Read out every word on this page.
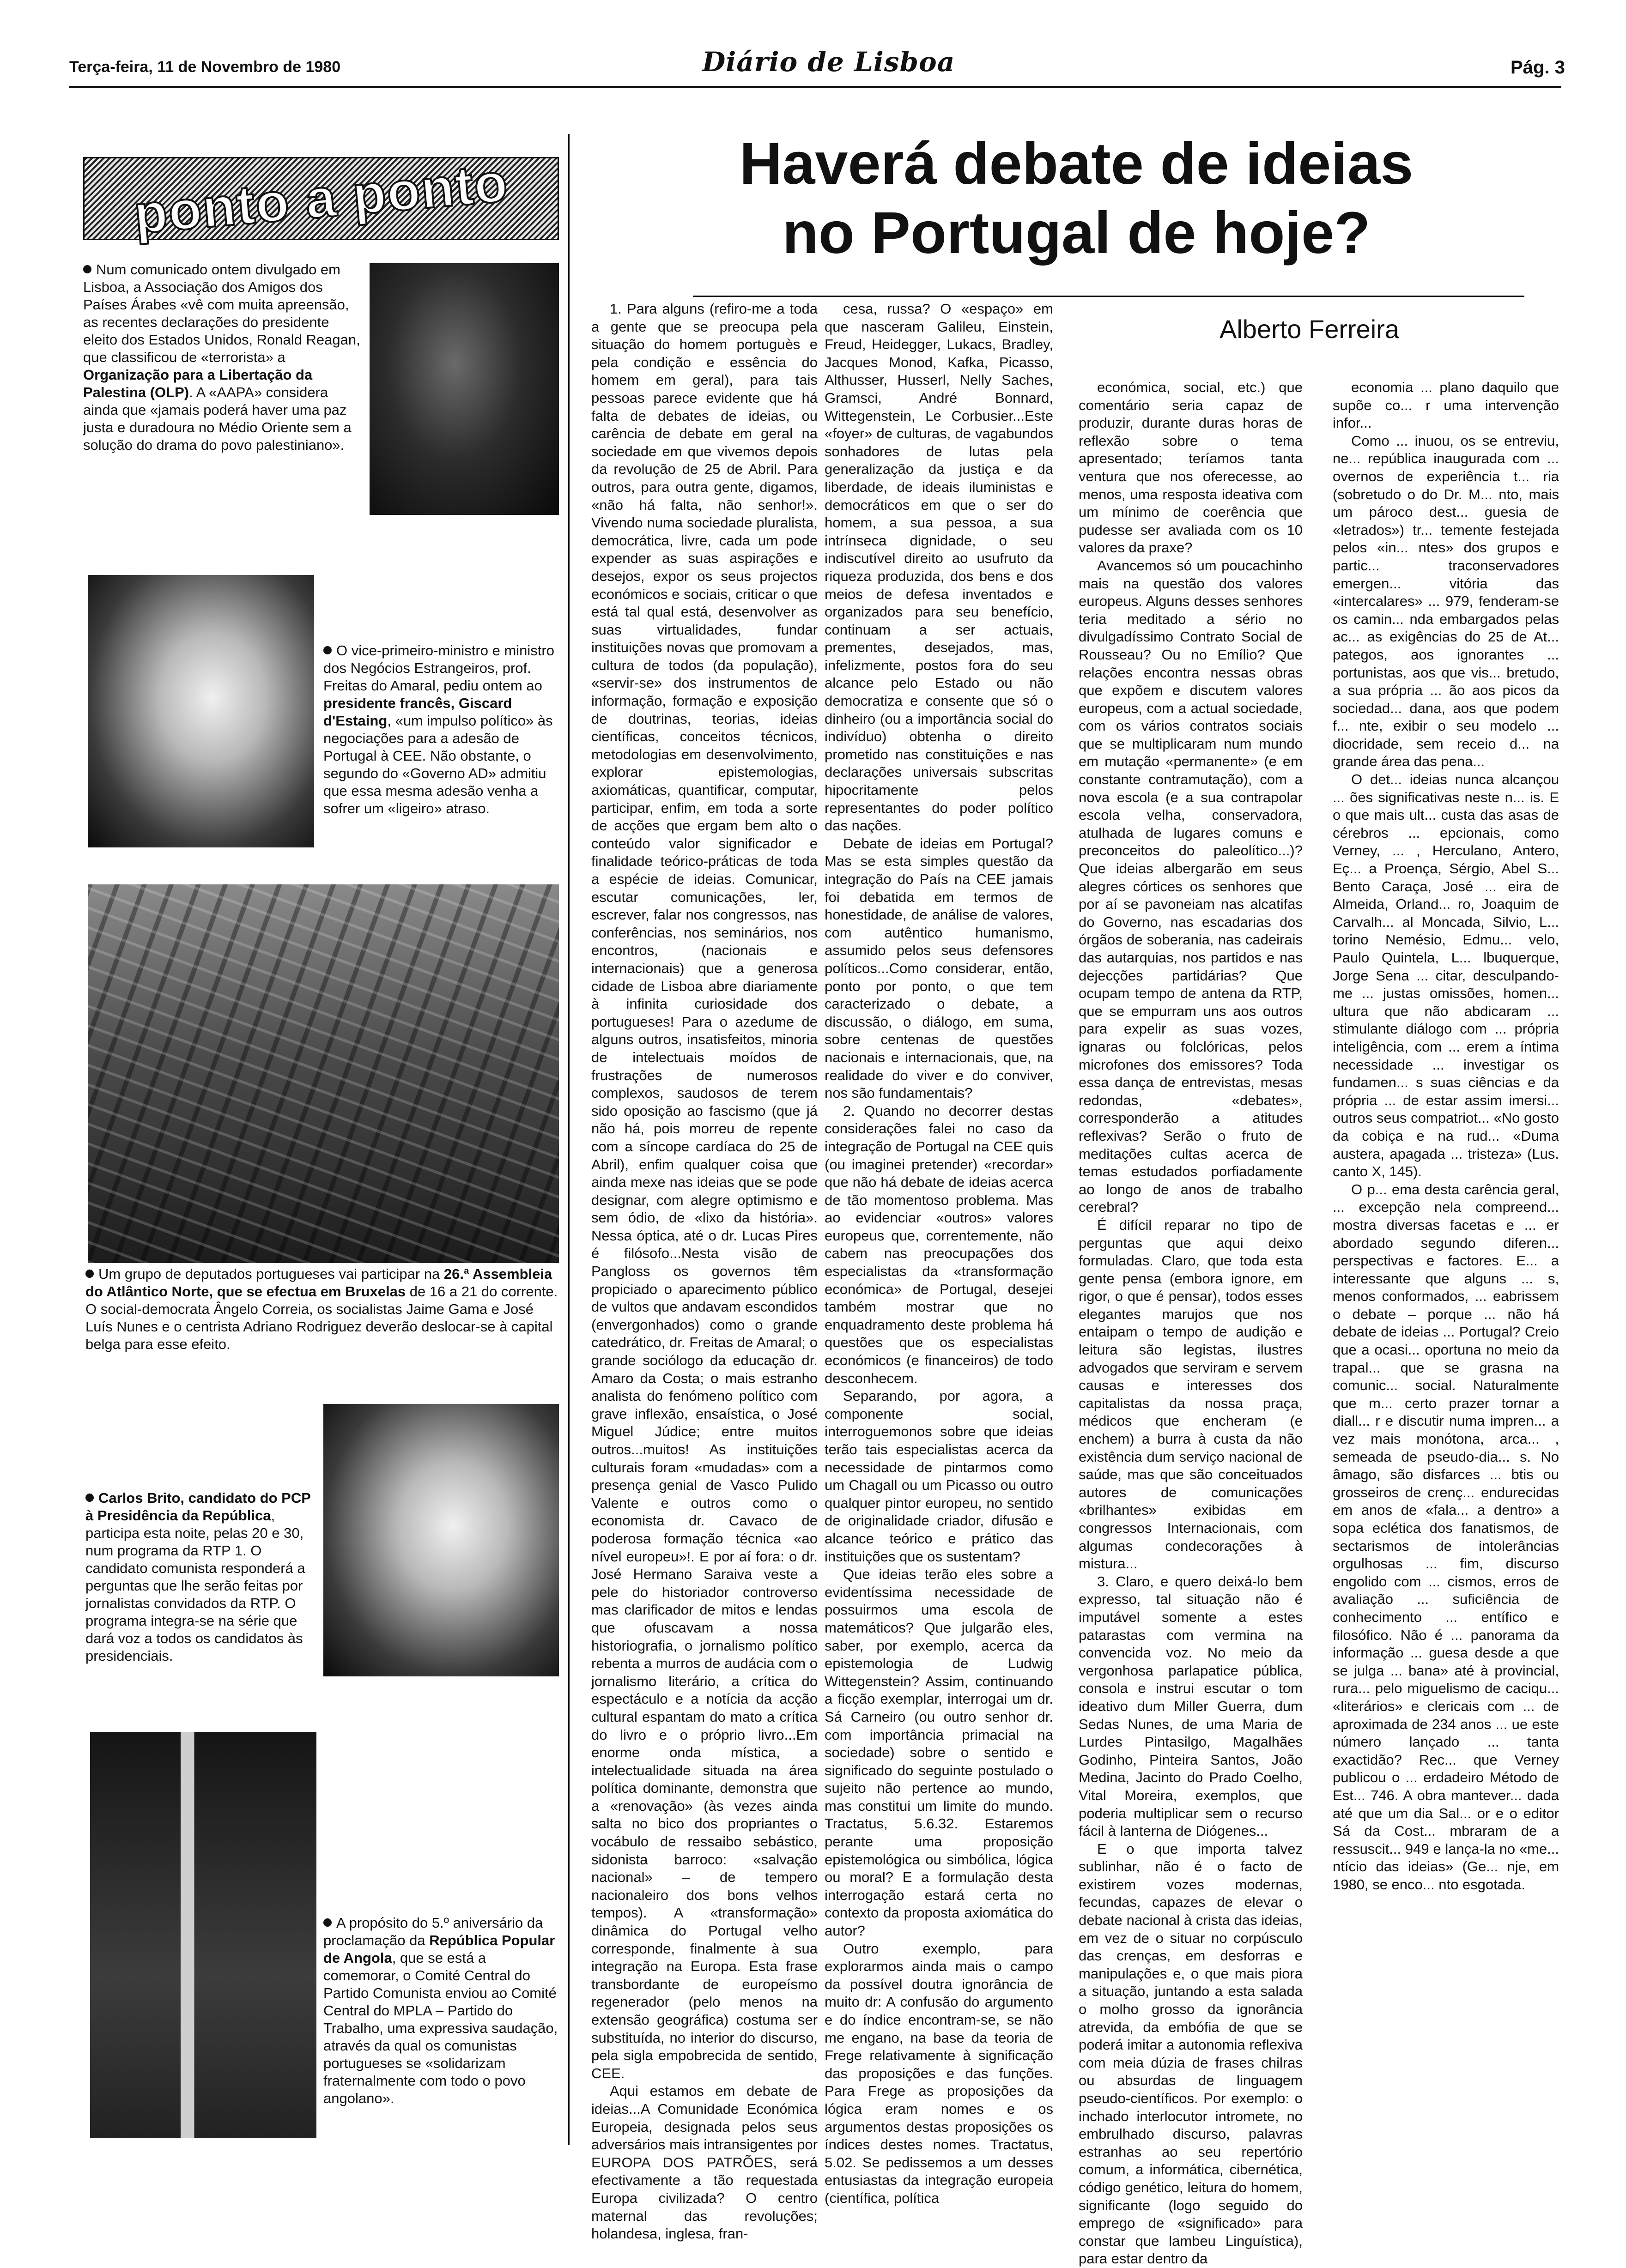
Terça-feira, 11 de Novembro de 1980	Diário de Lisboa	Pág. 3
ponto a ponto
Num comunicado ontem divulgado em Lisboa, a Associação dos Amigos dos Países Árabes «vê com muita apreensão, as recentes declarações do presidente eleito dos Estados Unidos, Ronald Reagan, que classificou de «terrorista» a Organização para a Libertação da Palestina (OLP). A «AAPA» considera ainda que «jamais poderá haver uma paz justa e duradoura no Médio Oriente sem a solução do drama do povo palestiniano».
O vice-primeiro-ministro e ministro dos Negócios Estrangeiros, prof. Freitas do Amaral, pediu ontem ao presidente francês, Giscard d'Estaing, «um impulso político» às negociações para a adesão de Portugal à CEE. Não obstante, o segundo do «Governo AD» admitiu que essa mesma adesão venha a sofrer um «ligeiro» atraso.
Um grupo de deputados portugueses vai participar na 26.ª Assembleia do Atlântico Norte, que se efectua em Bruxelas de 16 a 21 do corrente. O social-democrata Ângelo Correia, os socialistas Jaime Gama e José Luís Nunes e o centrista Adriano Rodriguez deverão deslocar-se à capital belga para esse efeito.
Carlos Brito, candidato do PCP à Presidência da República, participa esta noite, pelas 20 e 30, num programa da RTP 1. O candidato comunista responderá a perguntas que lhe serão feitas por jornalistas convidados da RTP. O programa integra-se na série que dará voz a todos os candidatos às presidenciais.
A propósito do 5.º aniversário da proclamação da República Popular de Angola, que se está a comemorar, o Comité Central do Partido Comunista enviou ao Comité Central do MPLA – Partido do Trabalho, uma expressiva saudação, através da qual os comunistas portugueses se «solidarizam fraternalmente com todo o povo angolano».
Haverá debate de ideias
no Portugal de hoje?
Alberto Ferreira

1. Para alguns (refiro-me a toda a gente que se preocupa pela situação do homem portuguès e pela condição e essência do homem em geral), para tais pessoas parece evidente que há falta de debates de ideias, ou carência de debate em geral na sociedade em que vivemos depois da revolução de 25 de Abril. Para outros, para outra gente, digamos, «não há falta, não senhor!». Vivendo numa sociedade pluralista, democrática, livre, cada um pode expender as suas aspirações e desejos, expor os seus projectos económicos e sociais, criticar o que está tal qual está, desenvolver as suas virtualidades, fundar instituições novas que promovam a cultura de todos (da população), «servir-se» dos instrumentos de informação, formação e exposição de doutrinas, teorias, ideias científicas, conceitos técnicos, metodologias em desenvolvimento, explorar epistemologias, axiomáticas, quantificar, computar, participar, enfim, em toda a sorte de acções que ergam bem alto o conteúdo valor significador e finalidade teórico-práticas de toda a espécie de ideias. Comunicar, escutar comunicações, ler, escrever, falar nos congressos, nas conferências, nos seminários, nos encontros, (nacionais e internacionais) que a generosa cidade de Lisboa abre diariamente à infinita curiosidade dos portugueses! Para o azedume de alguns outros, insatisfeitos, minoria de intelectuais moídos de frustrações de numerosos complexos, saudosos de terem sido oposição ao fascismo (que já não há, pois morreu de repente com a síncope cardíaca do 25 de Abril), enfim qualquer coisa que ainda mexe nas ideias que se pode designar, com alegre optimismo e sem ódio, de «lixo da história». Nessa óptica, até o dr. Lucas Pires é filósofo...Nesta visão de Pangloss os governos têm propiciado o aparecimento público de vultos que andavam escondidos (envergonhados) como o grande catedrático, dr. Freitas de Amaral; o grande sociólogo da educação dr. Amaro da Costa; o mais estranho analista do fenómeno político com grave inflexão, ensaística, o José Miguel Júdice; entre muitos outros...muitos! As instituições culturais foram «mudadas» com a presença genial de Vasco Pulido Valente e outros como o economista dr. Cavaco de poderosa formação técnica «ao nível europeu»!. E por aí fora: o dr. José Hermano Saraiva veste a pele do historiador controverso mas clarificador de mitos e lendas que ofuscavam a nossa historiografia, o jornalismo político rebenta a murros de audácia com o jornalismo literário, a crítica do espectáculo e a notícia da acção cultural espantam do mato a crítica do livro e o próprio livro...Em enorme onda mística, a intelectualidade situada na área política dominante, demonstra que a «renovação» (às vezes ainda salta no bico dos propriantes o vocábulo de ressaibo sebástico, sidonista barroco: «salvação nacional» – de tempero nacionaleiro dos bons velhos tempos). A «transformação» dinâmica do Portugal velho corresponde, finalmente à sua integração na Europa. Esta frase transbordante de europeísmo regenerador (pelo menos na extensão geográfica) costuma ser substituída, no interior do discurso, pela sigla empobrecida de sentido, CEE.

Aqui estamos em debate de ideias...A Comunidade Económica Europeia, designada pelos seus adversários mais intransigentes por EUROPA DOS PATRÕES, será efectivamente a tão requestada Europa civilizada? O centro maternal das revoluções; holandesa, inglesa, fran-

cesa, russa? O «espaço» em que nasceram Galileu, Einstein, Freud, Heidegger, Lukacs, Bradley, Jacques Monod, Kafka, Picasso, Althusser, Husserl, Nelly Saches, Gramsci, André Bonnard, Wittegenstein, Le Corbusier...Este «foyer» de culturas, de vagabundos sonhadores de lutas pela generalização da justiça e da liberdade, de ideais iluministas e democráticos em que o ser do homem, a sua pessoa, a sua intrínseca dignidade, o seu indiscutível direito ao usufruto da riqueza produzida, dos bens e dos meios de defesa inventados e organizados para seu benefício, continuam a ser actuais, prementes, desejados, mas, infelizmente, postos fora do seu alcance pelo Estado ou não democratiza e consente que só o dinheiro (ou a importância social do indivíduo) obtenha o direito prometido nas constituições e nas declarações universais subscritas hipocritamente pelos representantes do poder político das nações.

Debate de ideias em Portugal? Mas se esta simples questão da integração do País na CEE jamais foi debatida em termos de honestidade, de análise de valores, com autêntico humanismo, assumido pelos seus defensores políticos...Como considerar, então, ponto por ponto, o que tem caracterizado o debate, a discussão, o diálogo, em suma, sobre centenas de questões nacionais e internacionais, que, na realidade do viver e do conviver, nos são fundamentais?

2. Quando no decorrer destas considerações falei no caso da integração de Portugal na CEE quis (ou imaginei pretender) «recordar» que não há debate de ideias acerca de tão momentoso problema. Mas ao evidenciar «outros» valores europeus que, correntemente, não cabem nas preocupações dos especialistas da «transformação económica» de Portugal, desejei também mostrar que no enquadramento deste problema há questões que os especialistas económicos (e financeiros) de todo desconhecem.

Separando, por agora, a componente social, interroguemonos sobre que ideias terão tais especialistas acerca da necessidade de pintarmos como um Chagall ou um Picasso ou outro qualquer pintor europeu, no sentido de originalidade criador, difusão e alcance teórico e prático das instituições que os sustentam?

Que ideias terão eles sobre a evidentíssima necessidade de possuirmos uma escola de matemáticos? Que julgarão eles, saber, por exemplo, acerca da epistemologia de Ludwig Wittegenstein? Assim, continuando a ficção exemplar, interrogai um dr. Sá Carneiro (ou outro senhor dr. com importância primacial na sociedade) sobre o sentido e significado do seguinte postulado o sujeito não pertence ao mundo, mas constitui um limite do mundo. Tractatus, 5.6.32. Estaremos perante uma proposição epistemológica ou simbólica, lógica ou moral? E a formulação desta interrogação estará certa no contexto da proposta axiomática do autor?

Outro exemplo, para explorarmos ainda mais o campo da possível doutra ignorância de muito dr: A confusão do argumento e do índice encontram-se, se não me engano, na base da teoria de Frege relativamente à significação das proposições e das funções. Para Frege as proposições da lógica eram nomes e os argumentos destas proposições os índices destes nomes. Tractatus, 5.02. Se pedissemos a um desses entusiastas da integração europeia (científica, política

económica, social, etc.) que comentário seria capaz de produzir, durante duras horas de reflexão sobre o tema apresentado; teríamos tanta ventura que nos oferecesse, ao menos, uma resposta ideativa com um mínimo de coerência que pudesse ser avaliada com os 10 valores da praxe?

Avancemos só um poucachinho mais na questão dos valores europeus. Alguns desses senhores teria meditado a sério no divulgadíssimo Contrato Social de Rousseau? Ou no Emílio? Que relações encontra nessas obras que expõem e discutem valores europeus, com a actual sociedade, com os vários contratos sociais que se multiplicaram num mundo em mutação «permanente» (e em constante contramutação), com a nova escola (e a sua contrapolar escola velha, conservadora, atulhada de lugares comuns e preconceitos do paleolítico...)? Que ideias albergarão em seus alegres córtices os senhores que por aí se pavoneiam nas alcatifas do Governo, nas escadarias dos órgãos de soberania, nas cadeirais das autarquias, nos partidos e nas dejecções partidárias? Que ocupam tempo de antena da RTP, que se empurram uns aos outros para expelir as suas vozes, ignaras ou folclóricas, pelos microfones dos emissores? Toda essa dança de entrevistas, mesas redondas, «debates», corresponderão a atitudes reflexivas? Serão o fruto de meditações cultas acerca de temas estudados porfiadamente ao longo de anos de trabalho cerebral?

É difícil reparar no tipo de perguntas que aqui deixo formuladas. Claro, que toda esta gente pensa (embora ignore, em rigor, o que é pensar), todos esses elegantes marujos que nos entaipam o tempo de audição e leitura são legistas, ilustres advogados que serviram e servem causas e interesses dos capitalistas da nossa praça, médicos que encheram (e enchem) a burra à custa da não existência dum serviço nacional de saúde, mas que são conceituados autores de comunicações «brilhantes» exibidas em congressos Internacionais, com algumas condecorações à mistura...

3. Claro, e quero deixá-lo bem expresso, tal situação não é imputável somente a estes patarastas com vermina na convencida voz. No meio da vergonhosa parlapatice pública, consola e instrui escutar o tom ideativo dum Miller Guerra, dum Sedas Nunes, de uma Maria de Lurdes Pintasilgo, Magalhães Godinho, Pinteira Santos, João Medina, Jacinto do Prado Coelho, Vital Moreira, exemplos, que poderia multiplicar sem o recurso fácil à lanterna de Diógenes...

E o que importa talvez sublinhar, não é o facto de existirem vozes modernas, fecundas, capazes de elevar o debate nacional à crista das ideias, em vez de o situar no corpúsculo das crenças, em desforras e manipulações e, o que mais piora a situação, juntando a esta salada o molho grosso da ignorância atrevida, da embófia de que se poderá imitar a autonomia reflexiva com meia dúzia de frases chilras ou absurdas de linguagem pseudo-científicos. Por exemplo: o inchado interlocutor intromete, no embrulhado discurso, palavras estranhas ao seu repertório comum, a informática, cibernética, código genético, leitura do homem, significante (logo seguido do emprego de «significado» para constar que lambeu Linguística), para estar dentro da

economia ... plano daquilo que supõe co... r uma intervenção infor...

Como ... inuou, os se entreviu, ne... república inaugurada com ... overnos de experiência t... ria (sobretudo o do Dr. M... nto, mais um pároco dest... guesia de «letrados») tr... temente festejada pelos «in... ntes» dos grupos e partic... traconservadores emergen... vitória das «intercalares» ... 979, fenderam-se os camin... nda embargados pelas ac... as exigências do 25 de At... pategos, aos ignorantes ... portunistas, aos que vis... bretudo, a sua própria ... ão aos picos da sociedad... dana, aos que podem f... nte, exibir o seu modelo ... diocridade, sem receio d... na grande área das pena...

O det... ideias nunca alcançou ... ões significativas neste n... is. E o que mais ult... custa das asas de cérebros ... epcionais, como Verney, ... , Herculano, Antero, Eç... a Proença, Sérgio, Abel S... Bento Caraça, José ... eira de Almeida, Orland... ro, Joaquim de Carvalh... al Moncada, Silvio, L... torino Nemésio, Edmu... velo, Paulo Quintela, L... lbuquerque, Jorge Sena ... citar, desculpando-me ... justas omissões, homen... ultura que não abdicaram ... stimulante diálogo com ... própria inteligência, com ... erem a íntima necessidade ... investigar os fundamen... s suas ciências e da própria ... de estar assim imersi... outros seus compatriot... «No gosto da cobiça e na rud... «Duma austera, apagada ... tristeza» (Lus. canto X, 145).

O p... ema desta carência geral, ... excepção nela compreend... mostra diversas facetas e ... er abordado segundo diferen... perspectivas e factores. E... a interessante que alguns ... s, menos conformados, ... eabrissem o debate – porque ... não há debate de ideias ... Portugal? Creio que a ocasi... oportuna no meio da trapal... que se grasna na comunic... social. Naturalmente que m... certo prazer tornar a diall... r e discutir numa impren... a vez mais monótona, arca... , semeada de pseudo-dia... s. No âmago, são disfarces ... btis ou grosseiros de crenç... endurecidas em anos de «fala... a dentro» a sopa eclética dos fanatismos, de sectarismos de intolerâncias orgulhosas ... fim, discurso engolido com ... cismos, erros de avaliação ... suficiência de conhecimento ... entífico e filosófico. Não é ... panorama da informação ... guesa desde a que se julga ... bana» até à provincial, rura... pelo miguelismo de caciqu... «literários» e clericais com ... de aproximada de 234 anos ... ue este número lançado ... tanta exactidão? Rec... que Verney publicou o ... erdadeiro Método de Est... 746. A obra mantever... dada até que um dia Sal... or e o editor Sá da Cost... mbraram de a ressuscit... 949 e lança-la no «me... ntício das ideias» (Ge... nje, em 1980, se enco... nto esgotada.
